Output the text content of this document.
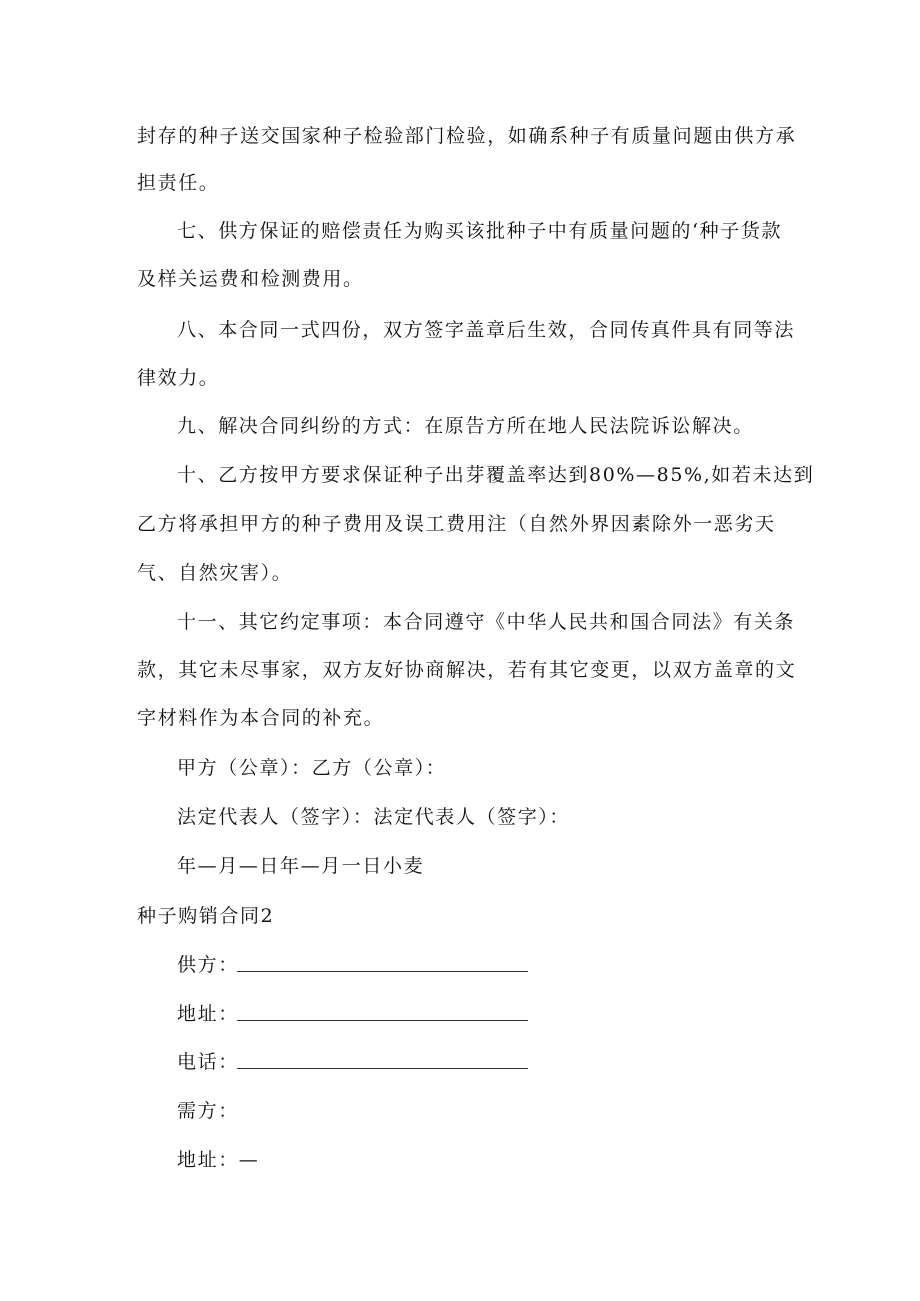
封存的种子送交国家种子检验部门检验，如确系种子有质量问题由供方承
担责任。
七、供方保证的赔偿责任为购买该批种子中有质量问题的‘种子货款
及样关运费和检测费用。
八、本合同一式四份，双方签字盖章后生效，合同传真件具有同等法
律效力。
九、解决合同纠纷的方式：在原告方所在地人民法院诉讼解决。
十、乙方按甲方要求保证种子出芽覆盖率达到80%—85%,如若未达到
乙方将承担甲方的种子费用及误工费用注（自然外界因素除外一恶劣天
气、自然灾害）。
十一、其它约定事项：本合同遵守《中华人民共和国合同法》有关条
款，其它未尽事家，双方友好协商解决，若有其它变更，以双方盖章的文
字材料作为本合同的补充。
甲方（公章）：乙方（公章）：
法定代表人（签字）：法定代表人（签字）：
年—月—日年—月一日小麦
种子购销合同2
供方：
地址：
电话：
需方：
地址：—
